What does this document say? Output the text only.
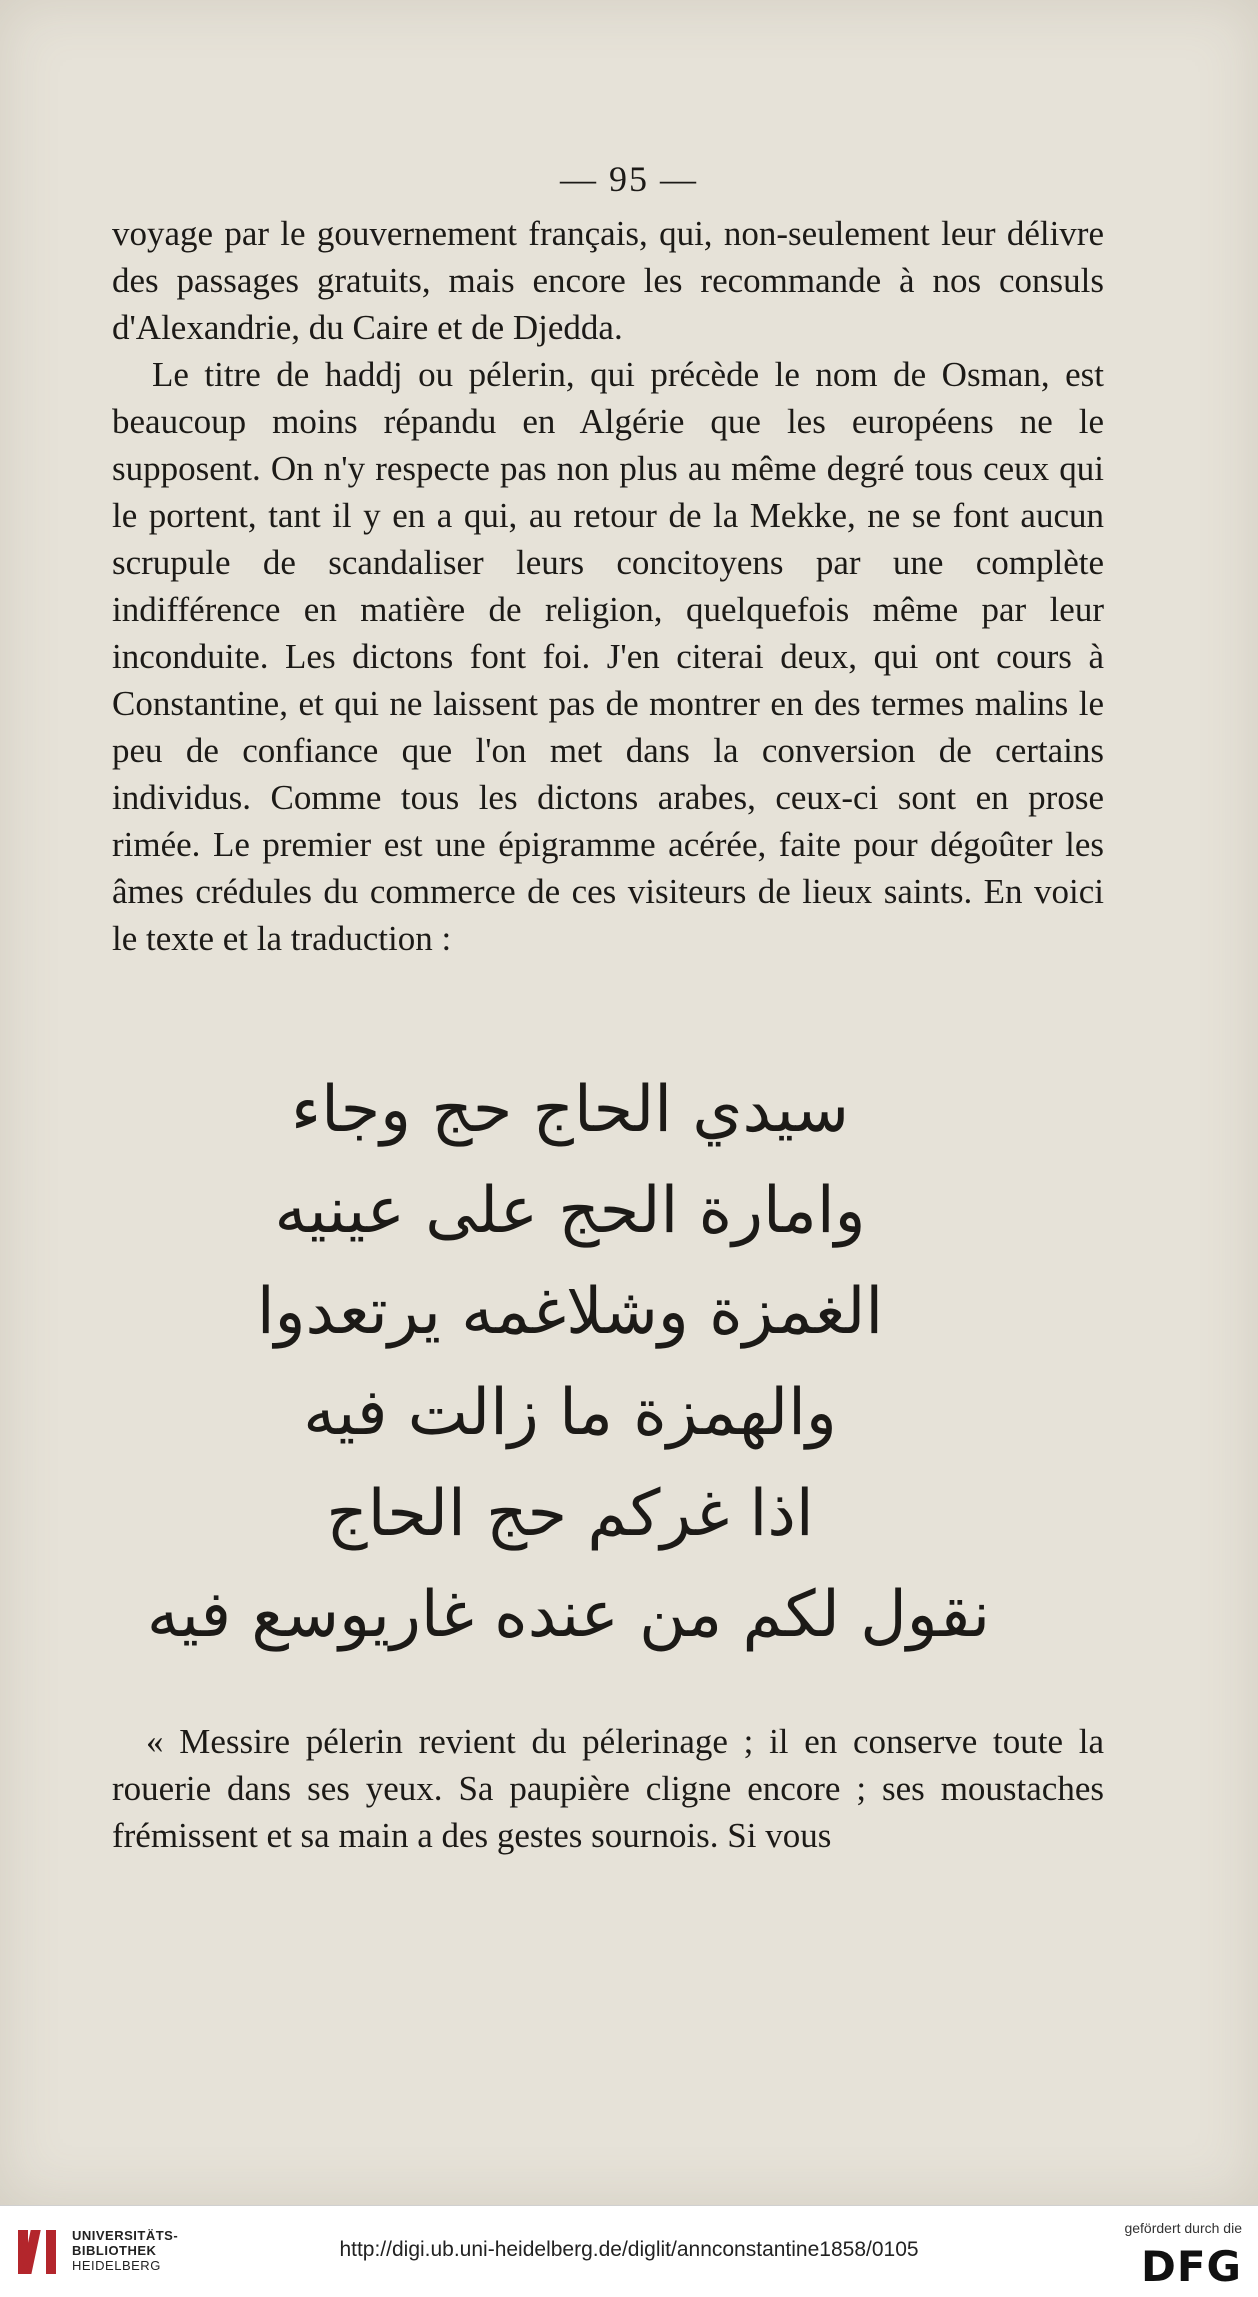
— 95 —

voyage par le gouvernement français, qui, non-seulement leur délivre des passages gratuits, mais encore les recommande à nos consuls d'Alexandrie, du Caire et de Djedda.

Le titre de haddj ou pélerin, qui précède le nom de Osman, est beaucoup moins répandu en Algérie que les européens ne le supposent. On n'y respecte pas non plus au même degré tous ceux qui le portent, tant il y en a qui, au retour de la Mekke, ne se font aucun scrupule de scandaliser leurs concitoyens par une complète indifférence en matière de religion, quelquefois même par leur inconduite. Les dictons font foi. J'en citerai deux, qui ont cours à Constantine, et qui ne laissent pas de montrer en des termes malins le peu de confiance que l'on met dans la conversion de certains individus. Comme tous les dictons arabes, ceux-ci sont en prose rimée. Le premier est une épigramme acérée, faite pour dégoûter les âmes crédules du commerce de ces visiteurs de lieux saints. En voici le texte et la traduction :

سيدي الحاج حج وجاء
وامارة الحج على عينيه
الغمزة وشلاغمه يرتعدوا
والهمزة ما زالت فيه
اذا غركم حج الحاج
نقول لكم من عنده غاريوسع فيه
« Messire pélerin revient du pélerinage ; il en conserve toute la rouerie dans ses yeux. Sa paupière cligne encore ; ses moustaches frémissent et sa main a des gestes sournois. Si vous
UNIVERSITÄTS-
BIBLIOTHEK
HEIDELBERG
http://digi.ub.uni-heidelberg.de/diglit/annconstantine1858/0105
gefördert durch die
DFG
